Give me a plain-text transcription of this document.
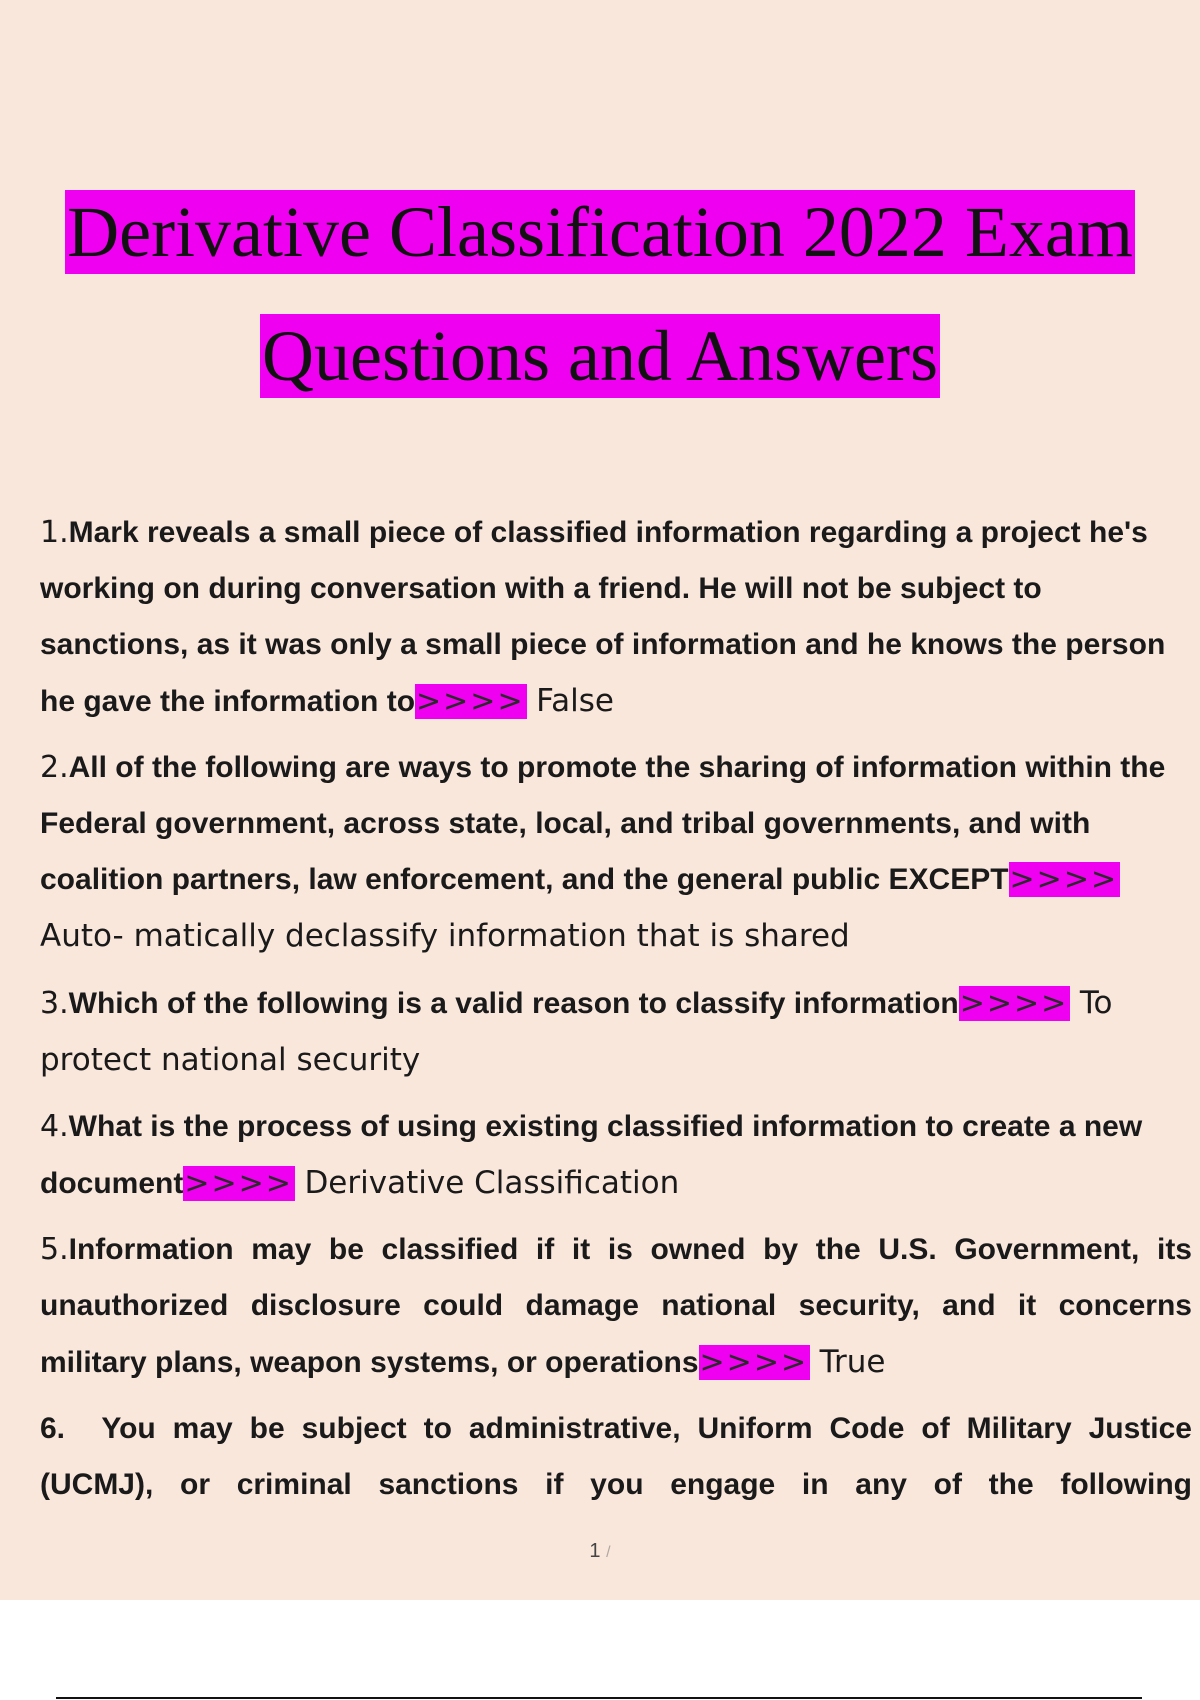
Derivative Classification 2022 Exam
Questions and Answers
1.Mark reveals a small piece of classified information regarding a project he's working on during conversation with a friend. He will not be subject to sanctions, as it was only a small piece of information and he knows the person he gave the information to>>>> False
2.All of the following are ways to promote the sharing of information within the Federal government, across state, local, and tribal governments, and with coalition partners, law enforcement, and the general public EXCEPT>>>> Auto- matically declassify information that is shared
3.Which of the following is a valid reason to classify information>>>> To protect national security
4.What is the process of using existing classified information to create a new document>>>> Derivative Classification
5.Information may be classified if it is owned by the U.S. Government, its unauthorized disclosure could damage national security, and it concerns military plans, weapon systems, or operations>>>> True
6. You may be subject to administrative, Uniform Code of Military Justice (UCMJ), or criminal sanctions if you engage in any of the following
1 /
